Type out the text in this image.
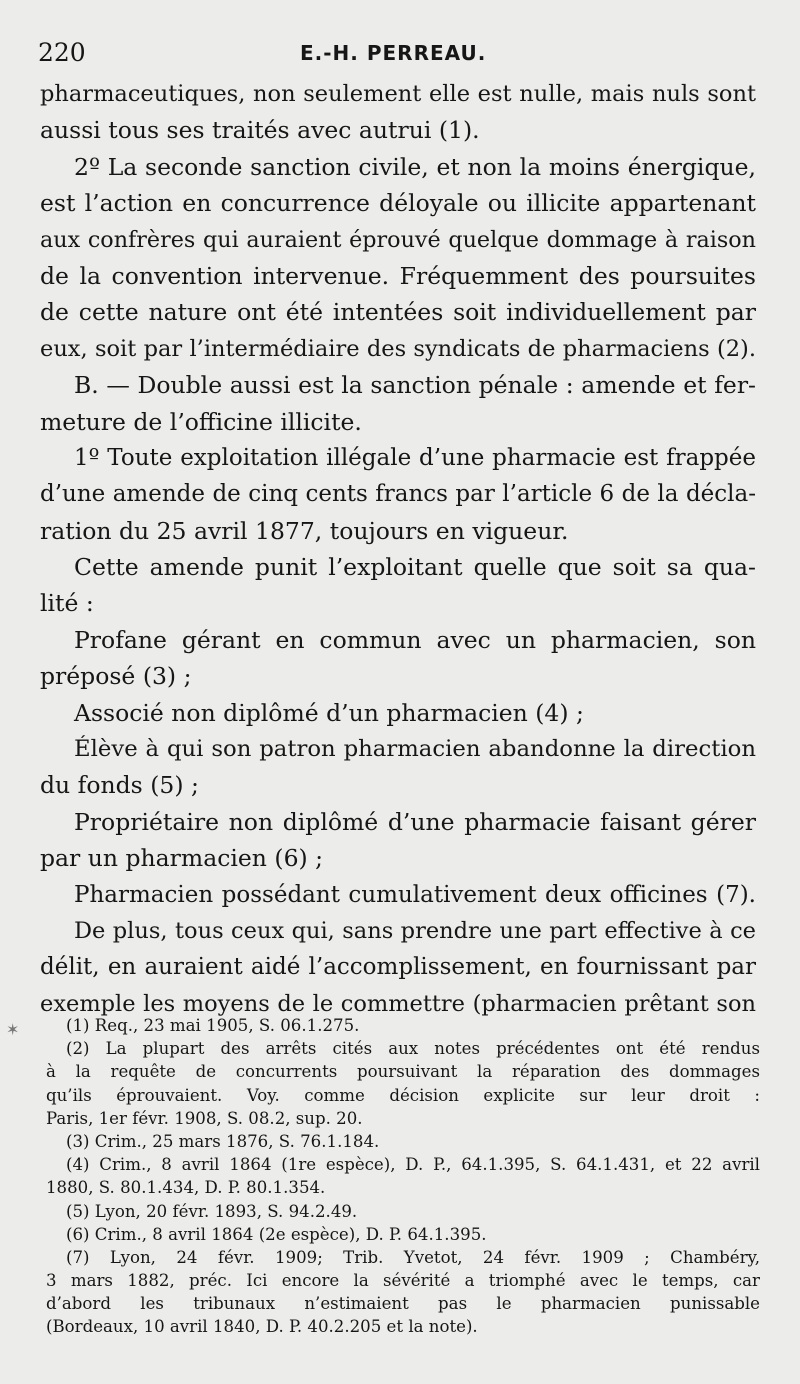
220	E.-H. PERREAU.
pharmaceutiques, non seulement elle est nulle, mais nuls sont
aussi tous ses traités avec autrui (1).
2º La seconde sanction civile, et non la moins énergique,
est l’action en concurrence déloyale ou illicite appartenant
aux confrères qui auraient éprouvé quelque dommage à raison
de la convention intervenue. Fréquemment des poursuites
de cette nature ont été intentées soit individuellement par
eux, soit par l’intermédiaire des syndicats de pharmaciens (2).
B. — Double aussi est la sanction pénale : amende et fer-
meture de l’officine illicite.
1º Toute exploitation illégale d’une pharmacie est frappée
d’une amende de cinq cents francs par l’article 6 de la décla-
ration du 25 avril 1877, toujours en vigueur.
Cette amende punit l’exploitant quelle que soit sa qua-
lité :
Profane gérant en commun avec un pharmacien, son
préposé (3) ;
Associé non diplômé d’un pharmacien (4) ;
Élève à qui son patron pharmacien abandonne la direction
du fonds (5) ;
Propriétaire non diplômé d’une pharmacie faisant gérer
par un pharmacien (6) ;
Pharmacien possédant cumulativement deux officines (7).
De plus, tous ceux qui, sans prendre une part effective à ce
délit, en auraient aidé l’accomplissement, en fournissant par
exemple les moyens de le commettre (pharmacien prêtant son
✶	(1) Req., 23 mai 1905, S. 06.1.275.
(2) La plupart des arrêts cités aux notes précédentes ont été rendus
à la requête de concurrents poursuivant la réparation des dommages
qu’ils éprouvaient. Voy. comme décision explicite sur leur droit :
Paris, 1er févr. 1908, S. 08.2, sup. 20.
(3) Crim., 25 mars 1876, S. 76.1.184.
(4) Crim., 8 avril 1864 (1re espèce), D. P., 64.1.395, S. 64.1.431, et 22 avril
1880, S. 80.1.434, D. P. 80.1.354.
(5) Lyon, 20 févr. 1893, S. 94.2.49.
(6) Crim., 8 avril 1864 (2e espèce), D. P. 64.1.395.
(7) Lyon, 24 févr. 1909; Trib. Yvetot, 24 févr. 1909 ; Chambéry,
3 mars 1882, préc. Ici encore la sévérité a triomphé avec le temps, car
d’abord les tribunaux n’estimaient pas le pharmacien punissable
(Bordeaux, 10 avril 1840, D. P. 40.2.205 et la note).
